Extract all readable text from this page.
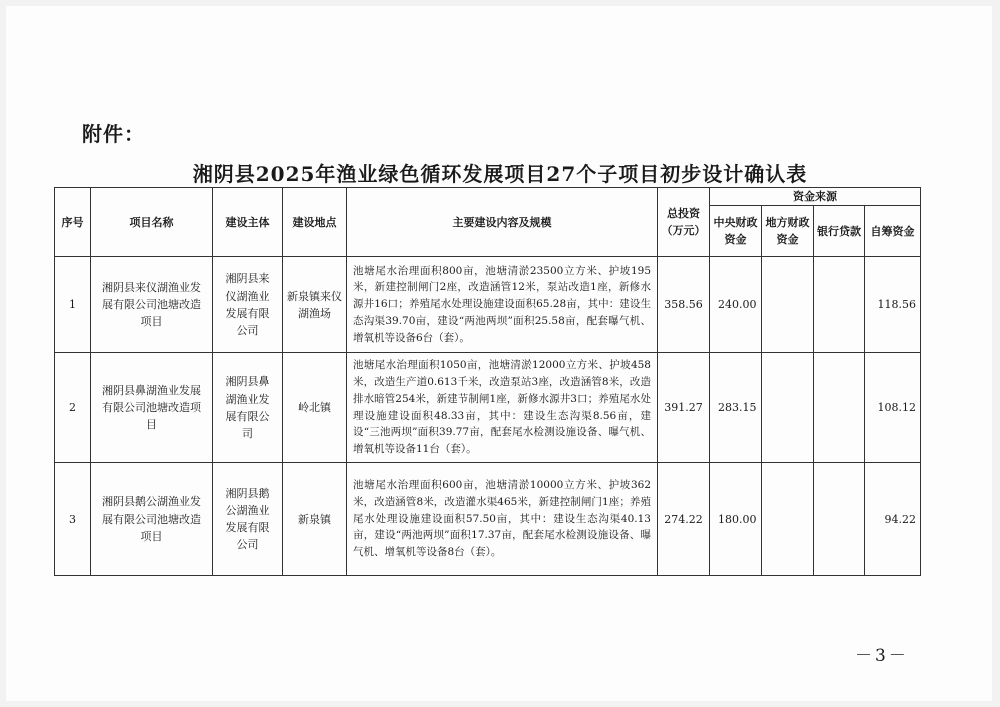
附件：
湘阴县2025年渔业绿色循环发展项目27个子项目初步设计确认表
序号	项目名称	建设主体	建设地点	主要建设内容及规模	总投资（万元）	资金来源			
						中央财政资金	地方财政资金	银行贷款	自筹资金
1	湘阴县来仪湖渔业发展有限公司池塘改造项目	湘阴县来仪湖渔业发展有限公司	新泉镇来仪湖渔场	池塘尾水治理面积800亩，池塘清淤23500立方米、护坡195米，新建控制闸门2座，改造涵管12米，泵站改造1座，新修水源井16口；养殖尾水处理设施建设面积65.28亩，其中：建设生态沟渠39.70亩，建设“两池两坝”面积25.58亩，配套曝气机、增氧机等设备6台（套）。	358.56	240.00			118.56
2	湘阴县鼻湖渔业发展有限公司池塘改造项目	湘阴县鼻湖渔业发展有限公司	岭北镇	池塘尾水治理面积1050亩，池塘清淤12000立方米、护坡458米，改造生产道0.613千米，改造泵站3座，改造涵管8米，改造排水暗管254米，新建节制闸1座，新修水源井3口；养殖尾水处理设施建设面积48.33亩，其中：建设生态沟渠8.56亩，建设“三池两坝”面积39.77亩，配套尾水检测设施设备、曝气机、增氧机等设备11台（套）。	391.27	283.15			108.12
3	湘阴县鹅公湖渔业发展有限公司池塘改造项目	湘阴县鹅公湖渔业发展有限公司	新泉镇	池塘尾水治理面积600亩，池塘清淤10000立方米、护坡362米，改造涵管8米，改造灌水渠465米，新建控制闸门1座；养殖尾水处理设施建设面积57.50亩，其中：建设生态沟渠40.13亩，建设“两池两坝”面积17.37亩，配套尾水检测设施设备、曝气机、增氧机等设备8台（套）。	274.22	180.00			94.22
－3－
